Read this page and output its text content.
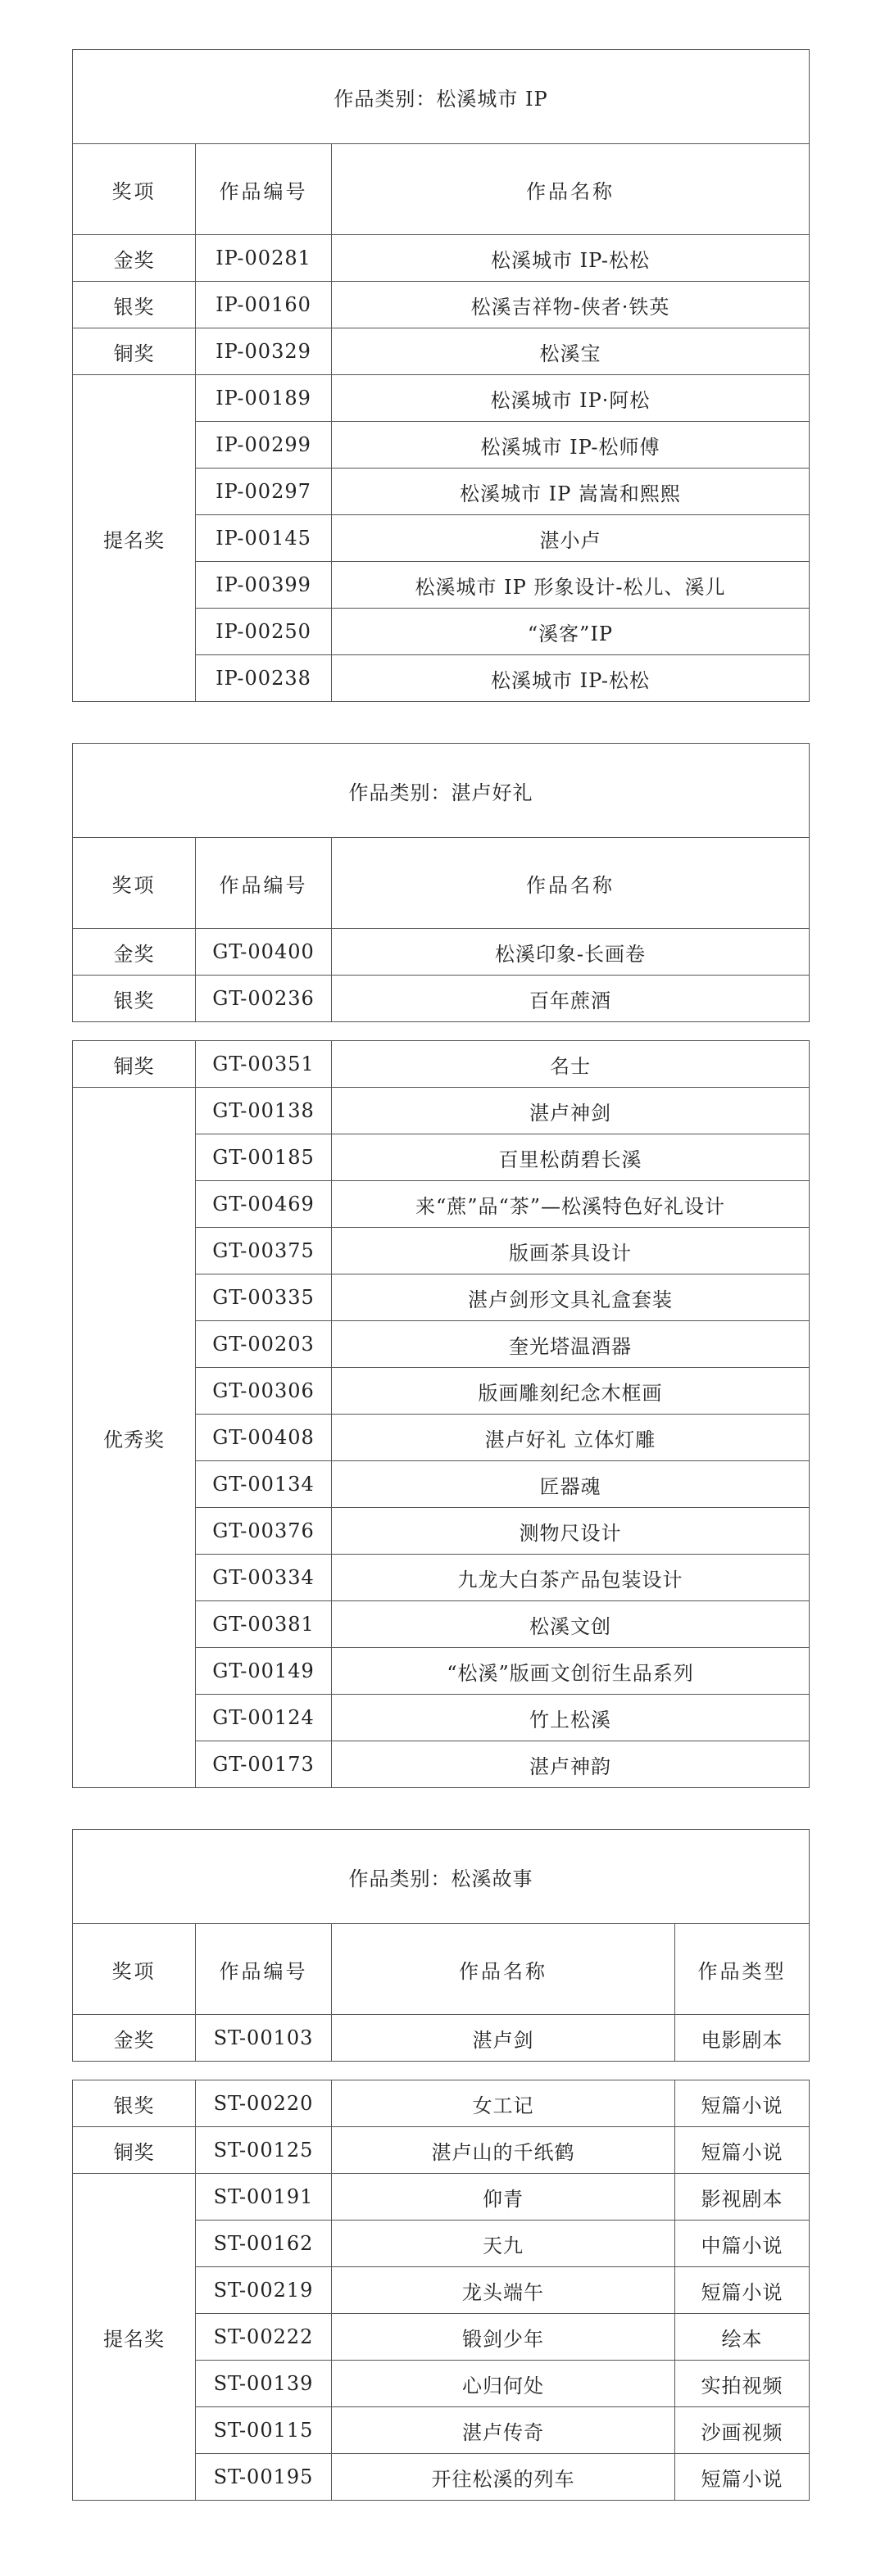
作品类别：松溪城市 IP		
奖项	作品编号	作品名称
金奖	IP-00281	松溪城市 IP-松松
银奖	IP-00160	松溪吉祥物-侠者·铁英
铜奖	IP-00329	松溪宝
提名奖	IP-00189	松溪城市 IP·阿松
	IP-00299	松溪城市 IP-松师傅
	IP-00297	松溪城市 IP 嵩嵩和熙熙
	IP-00145	湛小卢
	IP-00399	松溪城市 IP 形象设计-松儿、溪儿
	IP-00250	“溪客”IP
	IP-00238	松溪城市 IP-松松
作品类别：湛卢好礼		
奖项	作品编号	作品名称
金奖	GT-00400	松溪印象-长画卷
银奖	GT-00236	百年蔗酒
铜奖	GT-00351	名士
优秀奖	GT-00138	湛卢神剑
	GT-00185	百里松荫碧长溪
	GT-00469	来“蔗”品“茶”—松溪特色好礼设计
	GT-00375	版画茶具设计
	GT-00335	湛卢剑形文具礼盒套装
	GT-00203	奎光塔温酒器
	GT-00306	版画雕刻纪念木框画
	GT-00408	湛卢好礼 立体灯雕
	GT-00134	匠器魂
	GT-00376	测物尺设计
	GT-00334	九龙大白茶产品包装设计
	GT-00381	松溪文创
	GT-00149	“松溪”版画文创衍生品系列
	GT-00124	竹上松溪
	GT-00173	湛卢神韵
作品类别：松溪故事			
奖项	作品编号	作品名称	作品类型
金奖	ST-00103	湛卢剑	电影剧本
银奖	ST-00220	女工记	短篇小说
铜奖	ST-00125	湛卢山的千纸鹤	短篇小说
提名奖	ST-00191	仰青	影视剧本
	ST-00162	天九	中篇小说
	ST-00219	龙头端午	短篇小说
	ST-00222	锻剑少年	绘本
	ST-00139	心归何处	实拍视频
	ST-00115	湛卢传奇	沙画视频
	ST-00195	开往松溪的列车	短篇小说
